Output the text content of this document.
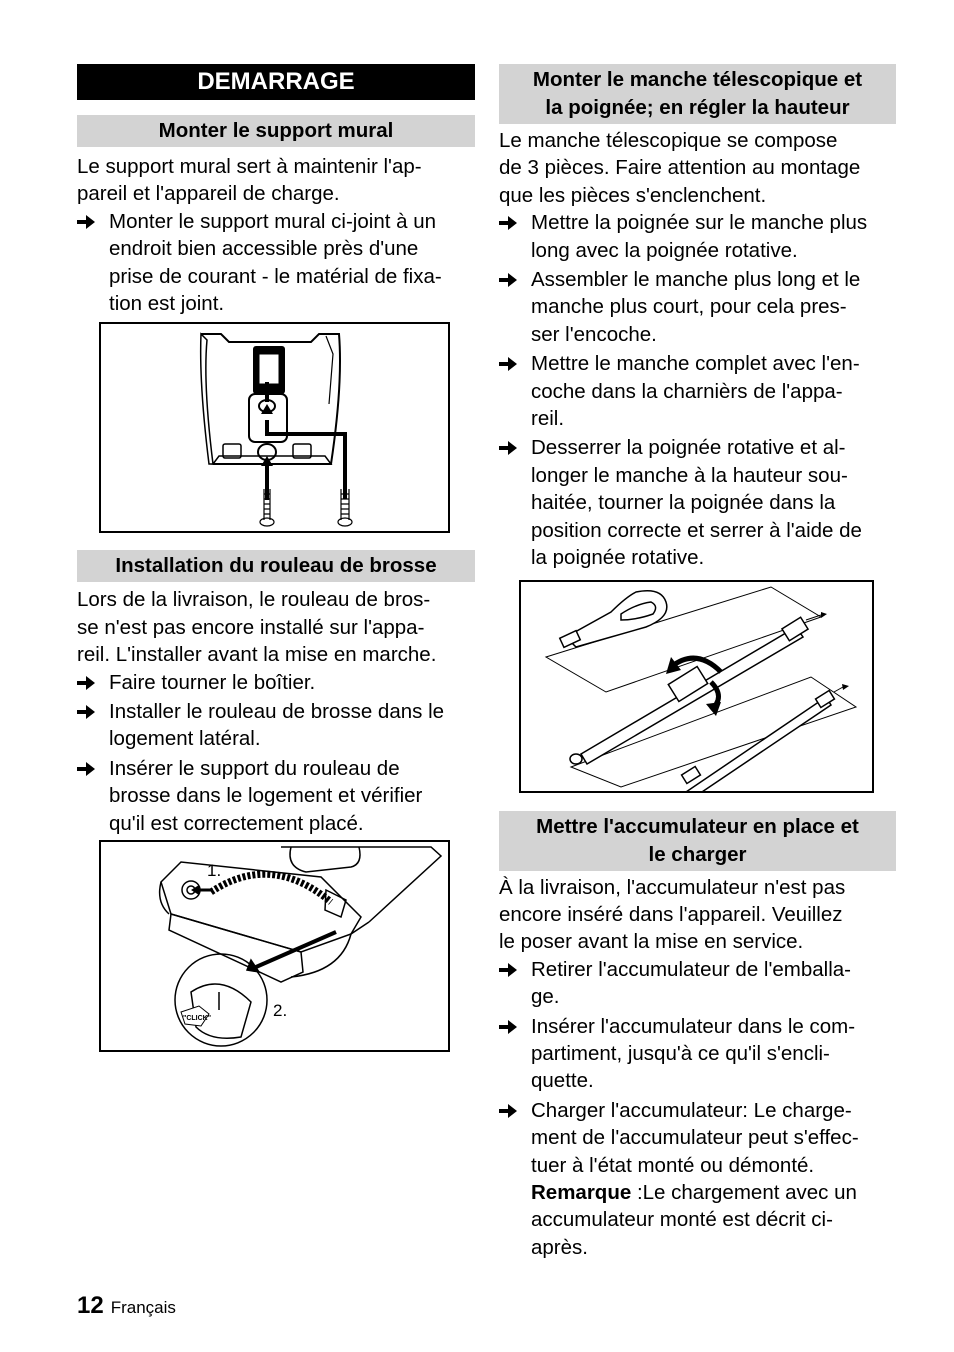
DEMARRAGE
Monter le support mural

Le support mural sert à maintenir l'ap-

pareil et l'appareil de charge.

Monter le support mural ci-joint à un
endroit bien accessible près d'une
prise de courant - le matérial de fixa-
tion est joint.
Installation du rouleau de brosse

Lors de la livraison, le rouleau de bros-

se n'est pas encore installé sur l'appa-

reil. L'installer avant la mise en marche.

Faire tourner le boîtier.
Installer le rouleau de brosse dans le
logement latéral.
Insérer le support du rouleau de
brosse dans le logement et vérifier
qu'il est correctement placé.
"CLICK"
1.
2.
Monter le manche télescopique et
la poignée; en régler la hauteur

Le manche télescopique se compose

de 3 pièces. Faire attention au montage

que les pièces s'enclenchent.

Mettre la poignée sur le manche plus
long avec la poignée rotative.
Assembler le manche plus long et le
manche plus court, pour cela pres-
ser l'encoche.
Mettre le manche complet avec l'en-
coche dans la charnièrs de l'appa-
reil.
Desserrer la poignée rotative et al-
longer le manche à la hauteur sou-
haitée, tourner la poignée dans la
position correcte et serrer à l'aide de
la poignée rotative.
Mettre l'accumulateur en place et
le charger

À la livraison, l'accumulateur n'est pas

encore inséré dans l'appareil. Veuillez

le poser avant la mise en service.

Retirer l'accumulateur de l'emballa-
ge.
Insérer l'accumulateur dans le com-
partiment, jusqu'à ce qu'il s'encli-
quette.
Charger l'accumulateur: Le charge-
ment de l'accumulateur peut s'effec-
tuer à l'état monté ou démonté.
Remarque :Le chargement avec un
accumulateur monté est décrit ci-
après.
12 Français
